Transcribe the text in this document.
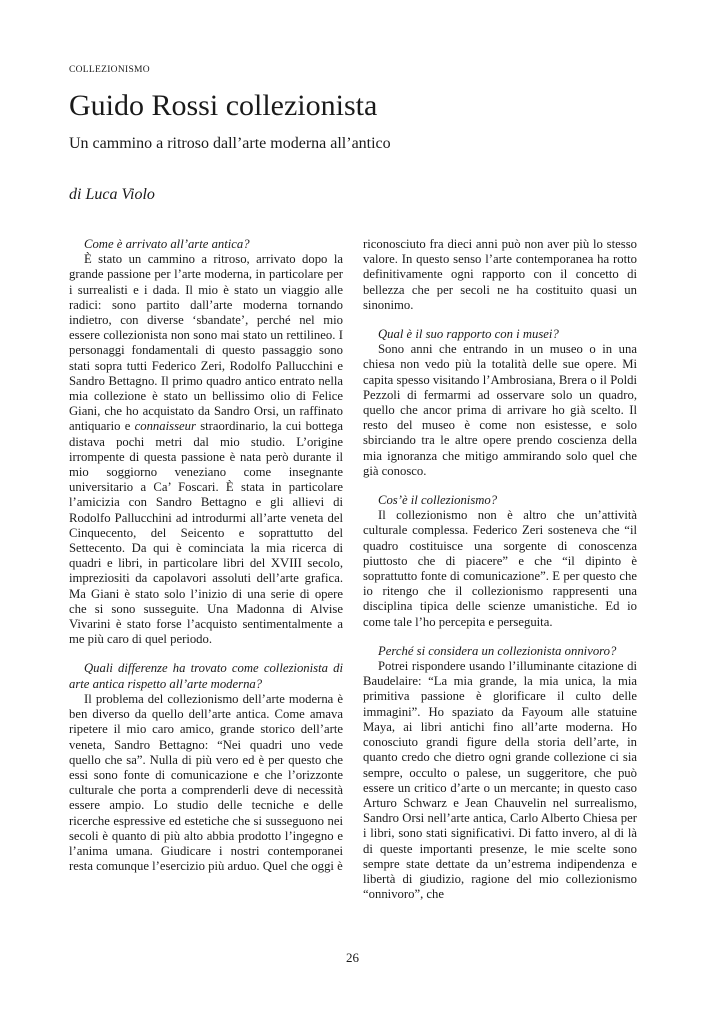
COLLEZIONISMO
Guido Rossi collezionista
Un cammino a ritroso dall’arte moderna all’antico
di Luca Violo

Come è arrivato all’arte antica?

È stato un cammino a ritroso, arrivato dopo la grande passione per l’arte moderna, in particolare per i surrealisti e i dada. Il mio è stato un viaggio alle radici: sono partito dall’arte moderna tornando indietro, con diverse ‘sbandate’, perché nel mio essere collezionista non sono mai stato un rettilineo. I personaggi fondamentali di questo passaggio sono stati sopra tutti Federico Zeri, Rodolfo Pallucchini e Sandro Bettagno. Il primo quadro antico entrato nella mia collezione è stato un bellissimo olio di Felice Giani, che ho acquistato da Sandro Orsi, un raffinato antiquario e connaisseur straordinario, la cui bottega distava pochi metri dal mio studio. L’origine irrompente di questa passione è nata però durante il mio soggiorno veneziano come insegnante universitario a Ca’ Foscari. È stata in particolare l’amicizia con Sandro Bettagno e gli allievi di Rodolfo Pallucchini ad introdurmi all’arte veneta del Cinquecento, del Seicento e soprattutto del Settecento. Da qui è cominciata la mia ricerca di quadri e libri, in particolare libri del XVIII secolo, impreziositi da capolavori assoluti dell’arte grafica. Ma Giani è stato solo l’inizio di una serie di opere che si sono susseguite. Una Madonna di Alvise Vivarini è stato forse l’acquisto sentimentalmente a me più caro di quel periodo.

Quali differenze ha trovato come collezionista di arte antica rispetto all’arte moderna?

Il problema del collezionismo dell’arte moderna è ben diverso da quello dell’arte antica. Come amava ripetere il mio caro amico, grande storico dell’arte veneta, Sandro Bettagno: “Nei quadri uno vede quello che sa”. Nulla di più vero ed è per questo che essi sono fonte di comunicazione e che l’orizzonte culturale che porta a comprenderli deve di necessità essere ampio. Lo studio delle tecniche e delle ricerche espressive ed estetiche che si susseguono nei secoli è quanto di più alto abbia prodotto l’ingegno e l’anima umana. Giudicare i nostri contemporanei resta comunque l’esercizio più arduo. Quel che oggi è

riconosciuto fra dieci anni può non aver più lo stesso valore. In questo senso l’arte contemporanea ha rotto definitivamente ogni rapporto con il concetto di bellezza che per secoli ne ha costituito quasi un sinonimo.

Qual è il suo rapporto con i musei?

Sono anni che entrando in un museo o in una chiesa non vedo più la totalità delle sue opere. Mi capita spesso visitando l’Ambrosiana, Brera o il Poldi Pezzoli di fermarmi ad osservare solo un quadro, quello che ancor prima di arrivare ho già scelto. Il resto del museo è come non esistesse, e solo sbirciando tra le altre opere prendo coscienza della mia ignoranza che mitigo ammirando solo quel che già conosco.

Cos’è il collezionismo?

Il collezionismo non è altro che un’attività culturale complessa. Federico Zeri sosteneva che “il quadro costituisce una sorgente di conoscenza piuttosto che di piacere” e che “il dipinto è soprattutto fonte di comunicazione”. E per questo che io ritengo che il collezionismo rappresenti una disciplina tipica delle scienze umanistiche. Ed io come tale l’ho percepita e perseguita.

Perché si considera un collezionista onnivoro?

Potrei rispondere usando l’illuminante citazione di Baudelaire: “La mia grande, la mia unica, la mia primitiva passione è glorificare il culto delle immagini”. Ho spaziato da Fayoum alle statuine Maya, ai libri antichi fino all’arte moderna. Ho conosciuto grandi figure della storia dell’arte, in quanto credo che dietro ogni grande collezione ci sia sempre, occulto o palese, un suggeritore, che può essere un critico d’arte o un mercante; in questo caso Arturo Schwarz e Jean Chauvelin nel surrealismo, Sandro Orsi nell’arte antica, Carlo Alberto Chiesa per i libri, sono stati significativi. Di fatto invero, al di là di queste importanti presenze, le mie scelte sono sempre state dettate da un’estrema indipendenza e libertà di giudizio, ragione del mio collezionismo “onnivoro”, che

26
